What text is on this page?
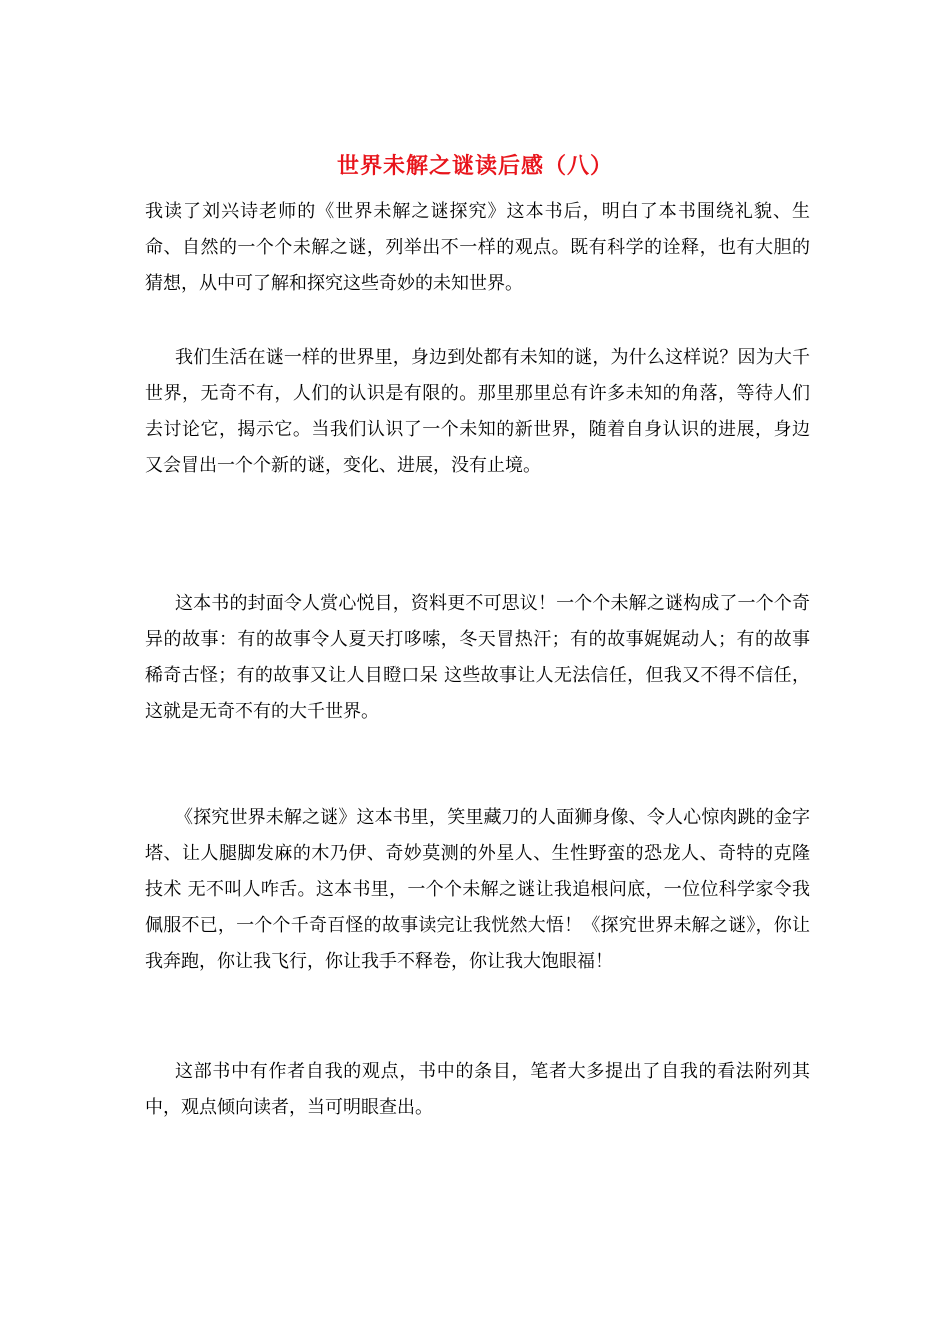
世界未解之谜读后感（八）

我读了刘兴诗老师的《世界未解之谜探究》这本书后，明白了本书围绕礼貌、生命、自然的一个个未解之谜，列举出不一样的观点。既有科学的诠释，也有大胆的猜想，从中可了解和探究这些奇妙的未知世界。

我们生活在谜一样的世界里，身边到处都有未知的谜，为什么这样说？因为大千世界，无奇不有，人们的认识是有限的。那里那里总有许多未知的角落，等待人们去讨论它，揭示它。当我们认识了一个未知的新世界，随着自身认识的进展，身边又会冒出一个个新的谜，变化、进展，没有止境。

这本书的封面令人赏心悦目，资料更不可思议！一个个未解之谜构成了一个个奇异的故事：有的故事令人夏天打哆嗦，冬天冒热汗；有的故事娓娓动人；有的故事稀奇古怪；有的故事又让人目瞪口呆 这些故事让人无法信任，但我又不得不信任，这就是无奇不有的大千世界。

《探究世界未解之谜》这本书里，笑里藏刀的人面狮身像、令人心惊肉跳的金字塔、让人腿脚发麻的木乃伊、奇妙莫测的外星人、生性野蛮的恐龙人、奇特的克隆技术 无不叫人咋舌。这本书里，一个个未解之谜让我追根问底，一位位科学家令我佩服不已，一个个千奇百怪的故事读完让我恍然大悟！《探究世界未解之谜》，你让我奔跑，你让我飞行，你让我手不释卷，你让我大饱眼福！

这部书中有作者自我的观点，书中的条目，笔者大多提出了自我的看法附列其中，观点倾向读者，当可明眼查出。
